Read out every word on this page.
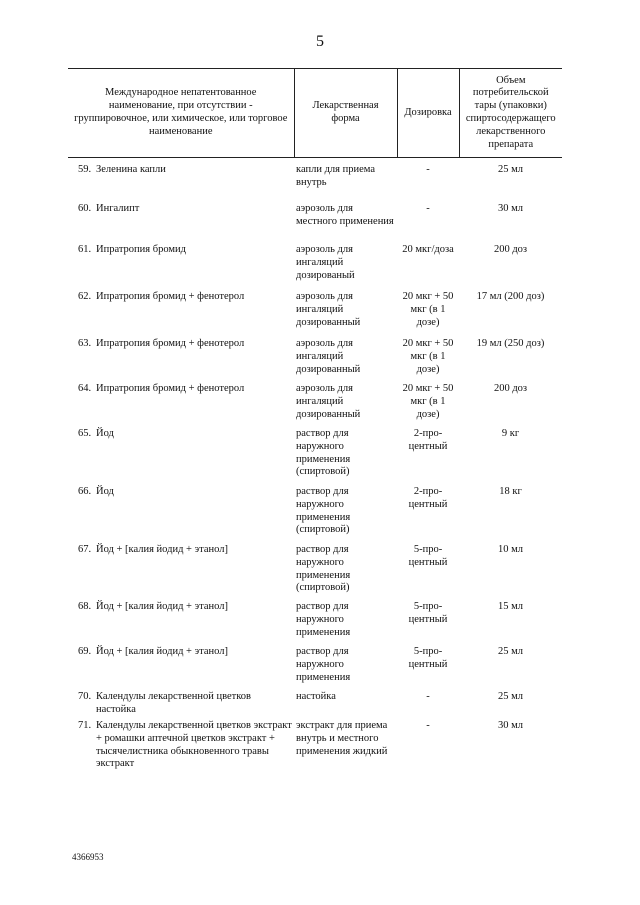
5
Международное непатентованное наименование, при отсутствии - группировочное, или химическое, или торговое наименование		Лекарственная форма	Дозировка	Объем потребительской тары (упаковки) спиртосодержащего лекарственного препарата

59.	Зеленина капли	капли для приема внутрь	-	25 мл
60.	Ингалипт	аэрозоль для местного применения	-	30 мл
61.	Ипратропия бромид	аэрозоль для ингаляций дозированый	20 мкг/доза	200 доз
62.	Ипратропия бромид + фенотерол	аэрозоль для ингаляций дозированный	20 мкг + 50 мкг (в 1 дозе)	17 мл (200 доз)
63.	Ипратропия бромид + фенотерол	аэрозоль для ингаляций дозированный	20 мкг + 50 мкг (в 1 дозе)	19 мл (250 доз)
64.	Ипратропия бромид + фенотерол	аэрозоль для ингаляций дозированный	20 мкг + 50 мкг (в 1 дозе)	200 доз
65.	Йод	раствор для наружного применения (спиртовой)	2-про-центный	9 кг
66.	Йод	раствор для наружного применения (спиртовой)	2-про-центный	18 кг
67.	Йод + [калия йодид + этанол]	раствор для наружного применения (спиртовой)	5-про-центный	10 мл
68.	Йод + [калия йодид + этанол]	раствор для наружного применения	5-про-центный	15 мл
69.	Йод + [калия йодид + этанол]	раствор для наружного применения	5-про-центный	25 мл
70.	Календулы лекарственной цветков настойка	настойка	-	25 мл
71.	Календулы лекарственной цветков экстракт + ромашки аптечной цветков экстракт + тысячелистника обыкновенного травы экстракт	экстракт для приема внутрь и местного применения жидкий	-	30 мл
4366953
